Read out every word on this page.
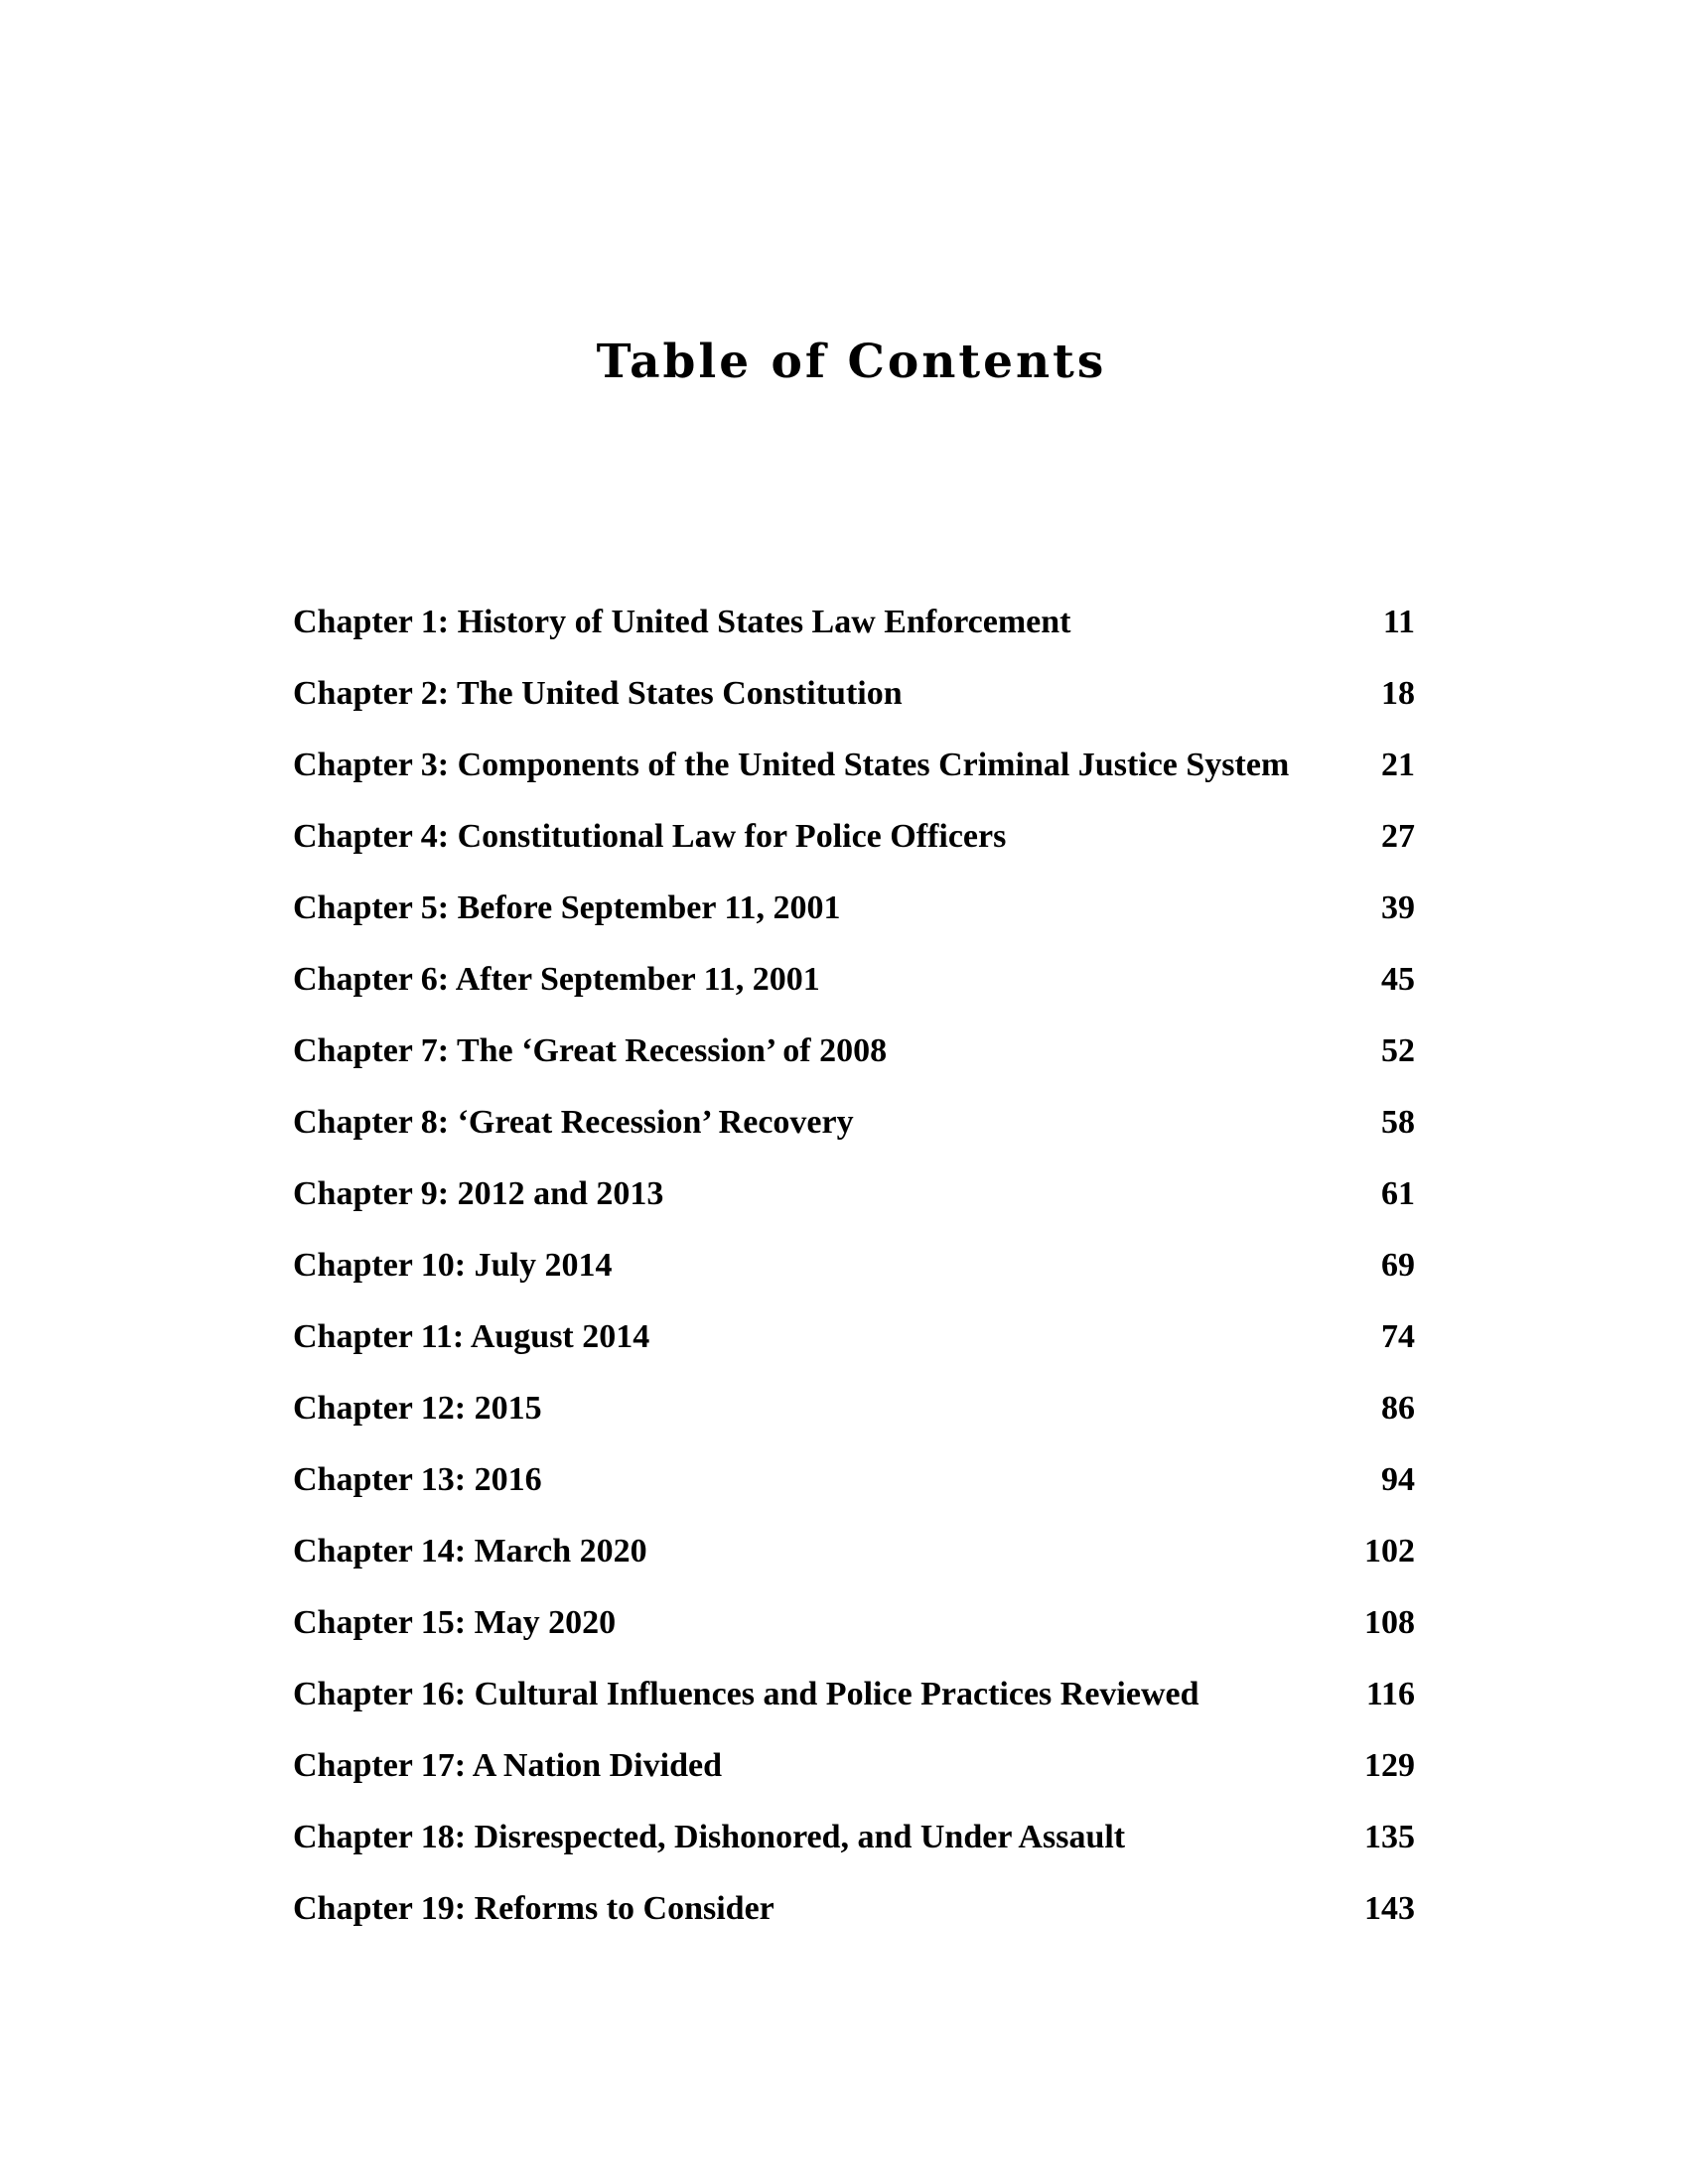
Table of Contents
Chapter 1: History of United States Law Enforcement	11
Chapter 2: The United States Constitution	18
Chapter 3: Components of the United States Criminal Justice System	21
Chapter 4: Constitutional Law for Police Officers	27
Chapter 5: Before September 11, 2001	39
Chapter 6: After September 11, 2001	45
Chapter 7: The ‘Great Recession’ of 2008	52
Chapter 8: ‘Great Recession’ Recovery	58
Chapter 9: 2012 and 2013	61
Chapter 10: July 2014	69
Chapter 11: August 2014	74
Chapter 12: 2015	86
Chapter 13: 2016	94
Chapter 14: March 2020	102
Chapter 15: May 2020	108
Chapter 16: Cultural Influences and Police Practices Reviewed	116
Chapter 17: A Nation Divided	129
Chapter 18: Disrespected, Dishonored, and Under Assault	135
Chapter 19: Reforms to Consider	143
